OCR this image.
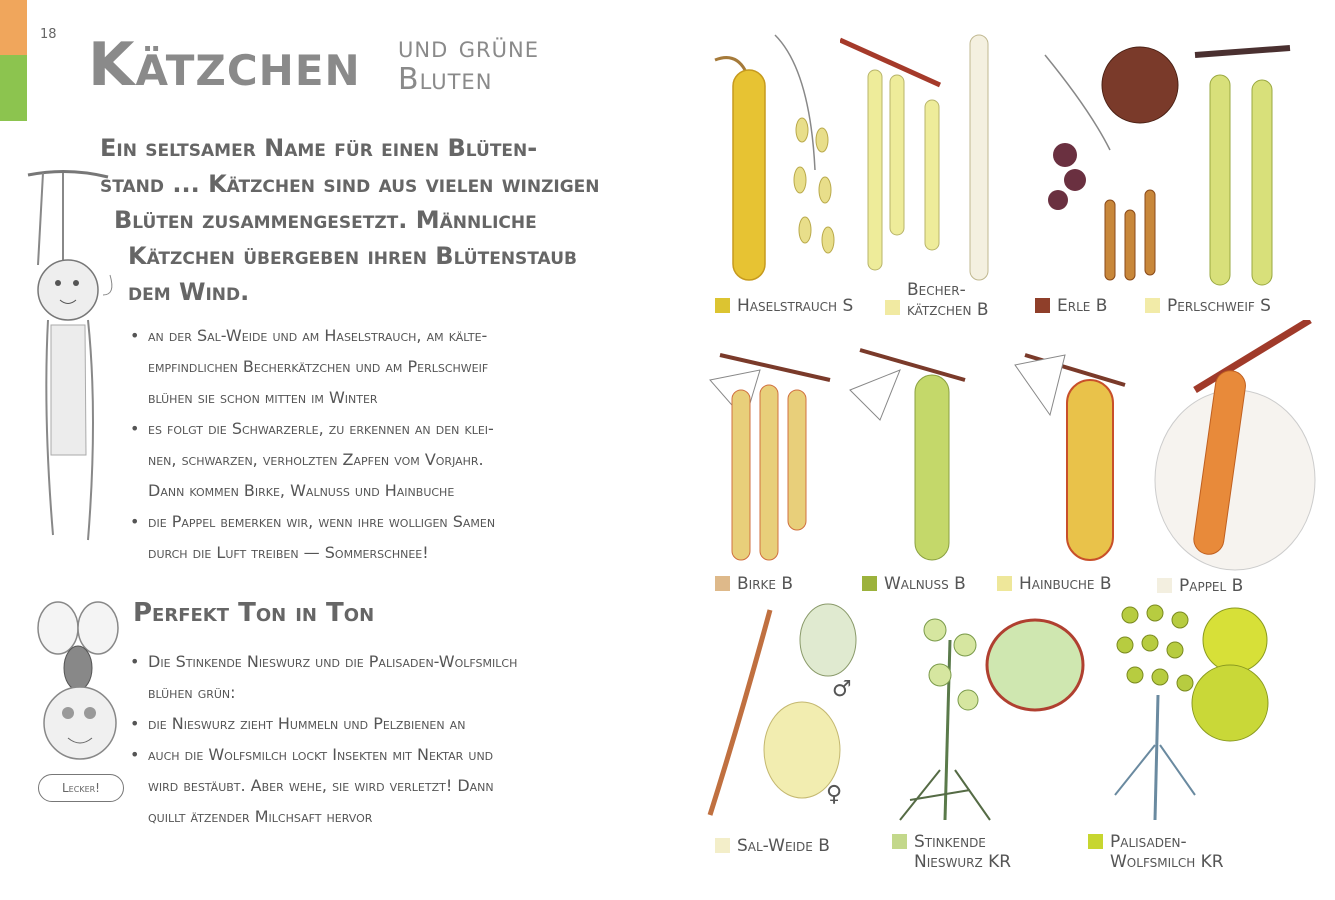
18 Kätzchen und grüne
Bluten
Ein seltsamer Name für einen Blüten-
stand ... Kätzchen sind aus vielen winzigen
Blüten zusammengesetzt. Männliche
Kätzchen übergeben ihren Blütenstaub
dem Wind.
• an der Sal-Weide und am Haselstrauch, am kälte-
empfindlichen Becherkätzchen und am Perlschweif
blühen sie schon mitten im Winter
• es folgt die Schwarzerle, zu erkennen an den klei-
nen, schwarzen, verholzten Zapfen vom Vorjahr.
Dann kommen Birke, Walnuss und Hainbuche
• die Pappel bemerken wir, wenn ihre wolligen Samen
durch die Luft treiben — Sommerschnee!
Lecker!
Perfekt Ton in Ton
• Die Stinkende Nieswurz und die Palisaden-Wolfsmilch
blühen grün:
• die Nieswurz zieht Hummeln und Pelzbienen an
• auch die Wolfsmilch lockt Insekten mit Nektar und
wird bestäubt. Aber wehe, sie wird verletzt! Dann
quillt ätzender Milchsaft hervor
♂
♀
Haselstrauch S
Becher-
kätzchen B	Erle B	Perlschweif S
Birke B	Walnuss B	Hainbuche B	Pappel B
Sal-Weide B	Stinkende
Nieswurz KR
Palisaden-
Wolfsmilch KR
